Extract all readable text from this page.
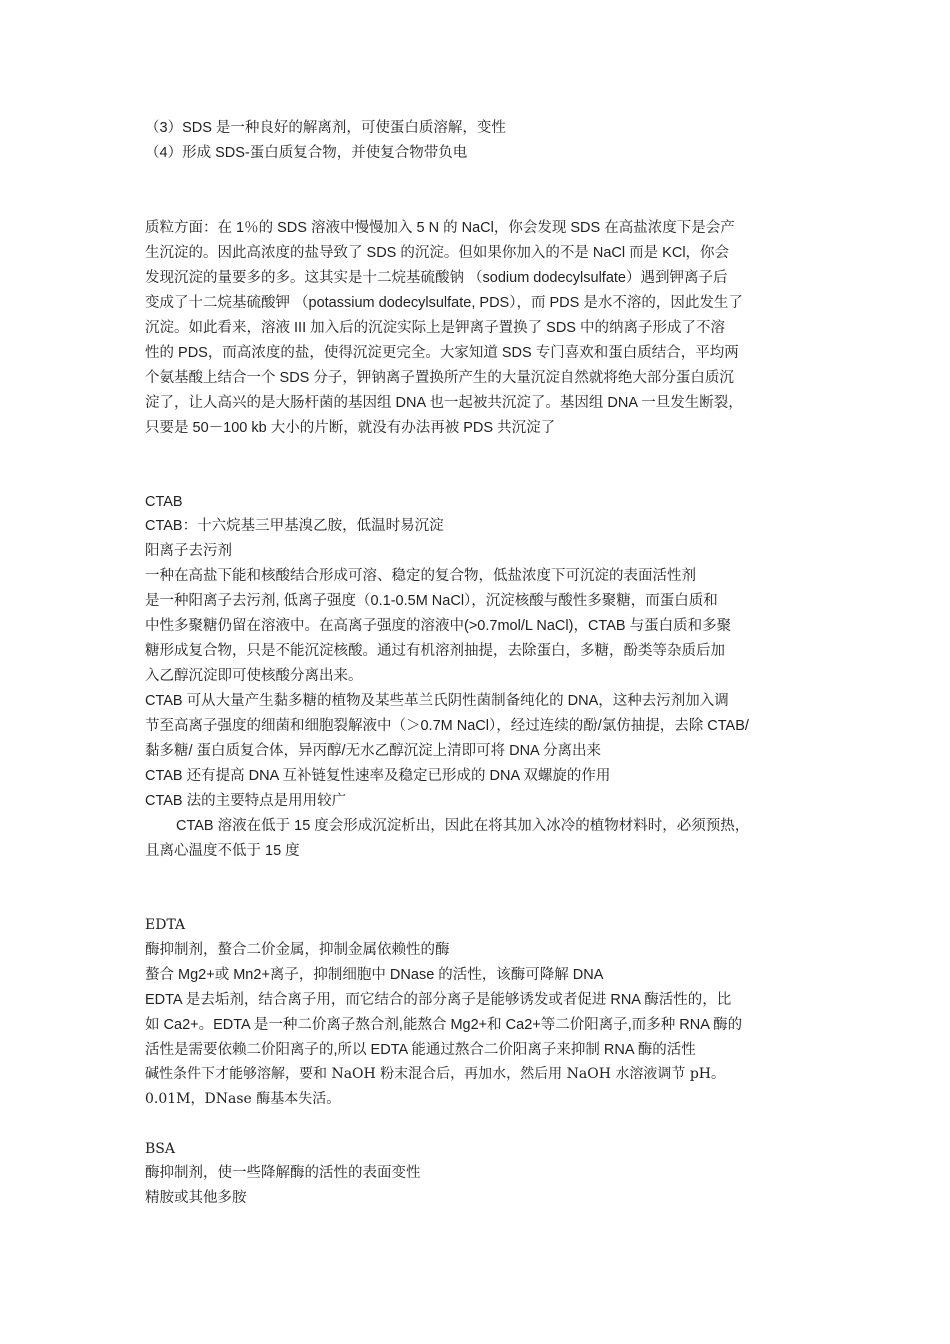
（3）SDS 是一种良好的解离剂，可使蛋白质溶解，变性
（4）形成 SDS-蛋白质复合物，并使复合物带负电
质粒方面：在 1％的 SDS 溶液中慢慢加入 5 N 的 NaCl，你会发现 SDS 在高盐浓度下是会产
生沉淀的。因此高浓度的盐导致了 SDS 的沉淀。但如果你加入的不是 NaCl 而是 KCl，你会
发现沉淀的量要多的多。这其实是十二烷基硫酸钠 （sodium dodecylsulfate）遇到钾离子后
变成了十二烷基硫酸钾 （potassium dodecylsulfate, PDS），而 PDS 是水不溶的，因此发生了
沉淀。如此看来，溶液 III 加入后的沉淀实际上是钾离子置换了 SDS 中的纳离子形成了不溶
性的 PDS，而高浓度的盐，使得沉淀更完全。大家知道 SDS 专门喜欢和蛋白质结合，平均两
个氨基酸上结合一个 SDS 分子，钾钠离子置换所产生的大量沉淀自然就将绝大部分蛋白质沉
淀了，让人高兴的是大肠杆菌的基因组 DNA 也一起被共沉淀了。基因组 DNA 一旦发生断裂，
只要是 50－100 kb 大小的片断，就没有办法再被 PDS 共沉淀了
CTAB
CTAB：十六烷基三甲基溴乙胺，低温时易沉淀
阳离子去污剂
一种在高盐下能和核酸结合形成可溶、稳定的复合物，低盐浓度下可沉淀的表面活性剂
是一种阳离子去污剂, 低离子强度（0.1-0.5M NaCl），沉淀核酸与酸性多聚糖，而蛋白质和
中性多聚糖仍留在溶液中。在高离子强度的溶液中(>0.7mol/L NaCl)，CTAB 与蛋白质和多聚
糖形成复合物，只是不能沉淀核酸。通过有机溶剂抽提，去除蛋白，多糖，酚类等杂质后加
入乙醇沉淀即可使核酸分离出来。
CTAB 可从大量产生黏多糖的植物及某些革兰氏阴性菌制备纯化的 DNA，这种去污剂加入调
节至高离子强度的细菌和细胞裂解液中（＞0.7M NaCl），经过连续的酚/氯仿抽提，去除 CTAB/
黏多糖/ 蛋白质复合体，异丙醇/无水乙醇沉淀上清即可将 DNA 分离出来
CTAB 还有提高 DNA 互补链复性速率及稳定已形成的 DNA 双螺旋的作用
CTAB 法的主要特点是用用较广
CTAB 溶液在低于 15 度会形成沉淀析出，因此在将其加入冰冷的植物材料时，必须预热，
且离心温度不低于 15 度
EDTA
酶抑制剂，螯合二价金属，抑制金属依赖性的酶
螯合 Mg2+或 Mn2+离子，抑制细胞中 DNase 的活性，该酶可降解 DNA
EDTA 是去垢剂，结合离子用，而它结合的部分离子是能够诱发或者促进 RNA 酶活性的，比
如 Ca2+。EDTA 是一种二价离子熬合剂,能熬合 Mg2+和 Ca2+等二价阳离子,而多种 RNA 酶的
活性是需要依赖二价阳离子的,所以 EDTA 能通过熬合二价阳离子来抑制 RNA 酶的活性
碱性条件下才能够溶解，要和 NaOH 粉末混合后，再加水，然后用 NaOH 水溶液调节 pH。
0.01M，DNase 酶基本失活。
BSA
酶抑制剂，使一些降解酶的活性的表面变性
精胺或其他多胺
